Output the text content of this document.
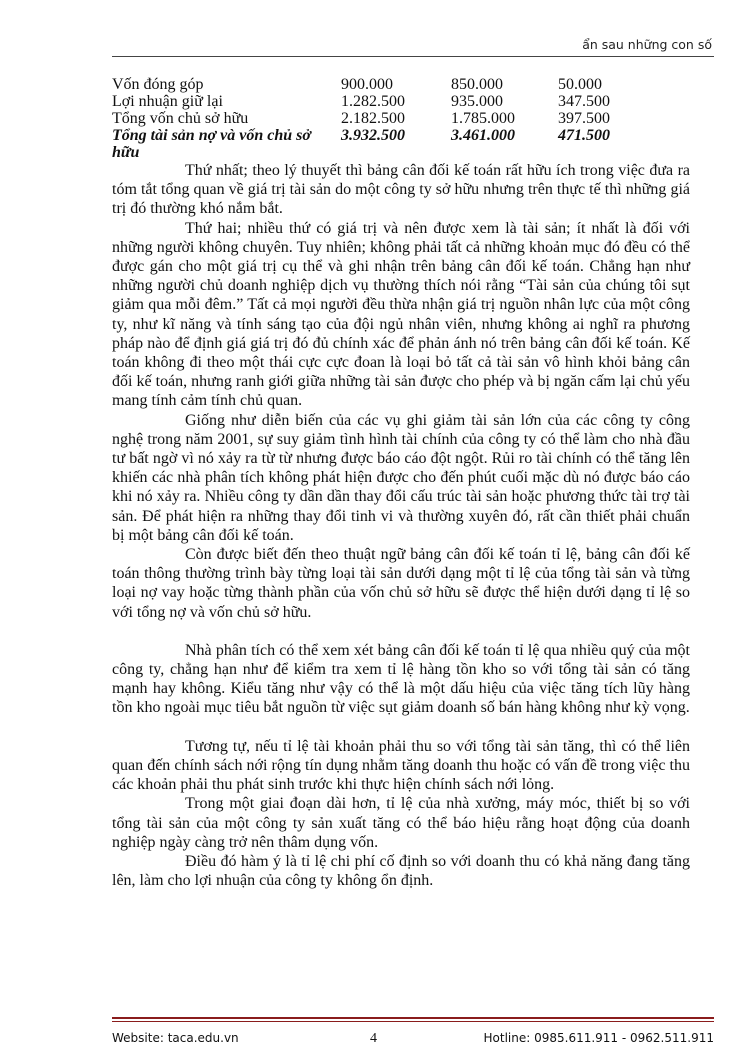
ẩn sau những con số
Vốn đóng góp	900.000	850.000	50.000
Lợi nhuận giữ lại	1.282.500	935.000	347.500
Tổng vốn chủ sở hữu	2.182.500	1.785.000	397.500
Tổng tài sản nợ và vốn chủ sở hữu	3.932.500	3.461.000	471.500

Thứ nhất; theo lý thuyết thì bảng cân đối kế toán rất hữu ích trong việc đưa ra tóm tắt tổng quan về giá trị tài sản do một công ty sở hữu nhưng trên thực tế thì những giá trị đó thường khó nắm bắt.

Thứ hai; nhiều thứ có giá trị và nên được xem là tài sản; ít nhất là đối với những người không chuyên. Tuy nhiên; không phải tất cả những khoản mục đó đều có thể được gán cho một giá trị cụ thể và ghi nhận trên bảng cân đối kế toán. Chẳng hạn như những người chủ doanh nghiệp dịch vụ thường thích nói rằng “Tài sản của chúng tôi sụt giảm qua mỗi đêm.” Tất cả mọi người đều thừa nhận giá trị nguồn nhân lực của một công ty, như kĩ năng và tính sáng tạo của đội ngủ nhân viên, nhưng không ai nghĩ ra phương pháp nào để định giá giá trị đó đủ chính xác để phản ánh nó trên bảng cân đối kế toán. Kế toán không đi theo một thái cực cực đoan là loại bỏ tất cả tài sản vô hình khỏi bảng cân đối kế toán, nhưng ranh giới giữa những tài sản được cho phép và bị ngăn cấm lại chủ yếu mang tính cảm tính chủ quan.

Giống như diễn biến của các vụ ghi giảm tài sản lớn của các công ty công nghệ trong năm 2001, sự suy giảm tình hình tài chính của công ty có thể làm cho nhà đầu tư bất ngờ vì nó xảy ra từ từ nhưng được báo cáo đột ngột. Rủi ro tài chính có thể tăng lên khiến các nhà phân tích không phát hiện được cho đến phút cuối mặc dù nó được báo cáo khi nó xảy ra. Nhiều công ty dần dần thay đổi cấu trúc tài sản hoặc phương thức tài trợ tài sản. Để phát hiện ra những thay đổi tinh vi và thường xuyên đó, rất cần thiết phải chuẩn bị một bảng cân đối kế toán.

Còn được biết đến theo thuật ngữ bảng cân đối kế toán tỉ lệ, bảng cân đối kế toán thông thường trình bày từng loại tài sản dưới dạng một tỉ lệ của tổng tài sản và từng loại nợ vay hoặc từng thành phần của vốn chủ sở hữu sẽ được thể hiện dưới dạng tỉ lệ so với tổng nợ và vốn chủ sở hữu.

Nhà phân tích có thể xem xét bảng cân đối kế toán tỉ lệ qua nhiều quý của một công ty, chẳng hạn như để kiểm tra xem tỉ lệ hàng tồn kho so với tổng tài sản có tăng mạnh hay không. Kiểu tăng như vậy có thể là một dấu hiệu của việc tăng tích lũy hàng tồn kho ngoài mục tiêu bắt nguồn từ việc sụt giảm doanh số bán hàng không như kỳ vọng.

Tương tự, nếu tỉ lệ tài khoản phải thu so với tổng tài sản tăng, thì có thể liên quan đến chính sách nới rộng tín dụng nhằm tăng doanh thu hoặc có vấn đề trong việc thu các khoản phải thu phát sinh trước khi thực hiện chính sách nới lỏng.

Trong một giai đoạn dài hơn, tỉ lệ của nhà xưởng, máy móc, thiết bị so với tổng tài sản của một công ty sản xuất tăng có thể báo hiệu rằng hoạt động của doanh nghiệp ngày càng trở nên thâm dụng vốn.

Điều đó hàm ý là tỉ lệ chi phí cố định so với doanh thu có khả năng đang tăng lên, làm cho lợi nhuận của công ty không ổn định.

Website: taca.edu.vn	4	Hotline: 0985.611.911 - 0962.511.911
